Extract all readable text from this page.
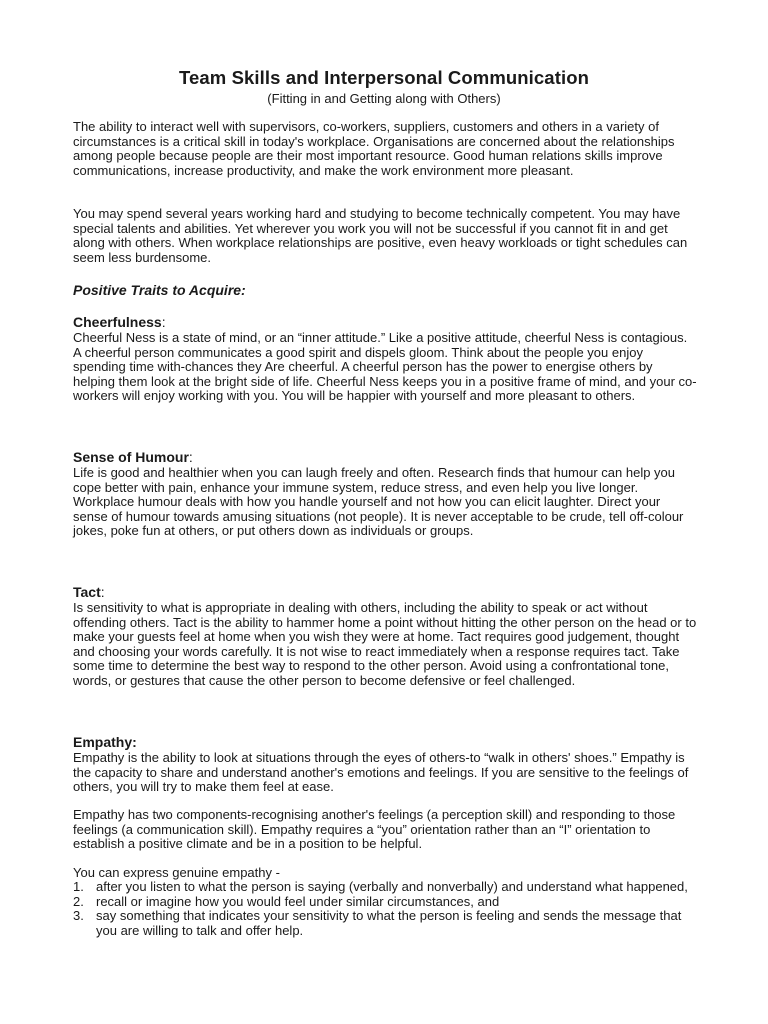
Team Skills and Interpersonal Communication

(Fitting in and Getting along with Others)

The ability to interact well with supervisors, co-workers, suppliers, customers and others in a variety of circumstances is a critical skill in today's workplace. Organisations are concerned about the relationships among people because people are their most important resource. Good human relations skills improve communications, increase productivity, and make the work environment more pleasant.

You may spend several years working hard and studying to become technically competent. You may have special talents and abilities. Yet wherever you work you will not be successful if you cannot fit in and get along with others. When workplace relationships are positive, even heavy workloads or tight schedules can seem less burdensome.

Positive Traits to Acquire:

Cheerfulness:

Cheerful Ness is a state of mind, or an “inner attitude.” Like a positive attitude, cheerful Ness is contagious. A cheerful person communicates a good spirit and dispels gloom. Think about the people you enjoy spending time with-chances they Are cheerful. A cheerful person has the power to energise others by helping them look at the bright side of life. Cheerful Ness keeps you in a positive frame of mind, and your co-workers will enjoy working with you. You will be happier with yourself and more pleasant to others.

Sense of Humour:

Life is good and healthier when you can laugh freely and often. Research finds that humour can help you cope better with pain, enhance your immune system, reduce stress, and even help you live longer. Workplace humour deals with how you handle yourself and not how you can elicit laughter. Direct your sense of humour towards amusing situations (not people). It is never acceptable to be crude, tell off-colour jokes, poke fun at others, or put others down as individuals or groups.

Tact:

Is sensitivity to what is appropriate in dealing with others, including the ability to speak or act without offending others. Tact is the ability to hammer home a point without hitting the other person on the head or to make your guests feel at home when you wish they were at home. Tact requires good judgement, thought and choosing your words carefully. It is not wise to react immediately when a response requires tact. Take some time to determine the best way to respond to the other person. Avoid using a confrontational tone, words, or gestures that cause the other person to become defensive or feel challenged.

Empathy:

Empathy is the ability to look at situations through the eyes of others-to “walk in others' shoes.” Empathy is the capacity to share and understand another's emotions and feelings. If you are sensitive to the feelings of others, you will try to make them feel at ease.

Empathy has two components-recognising another's feelings (a perception skill) and responding to those feelings (a communication skill). Empathy requires a “you” orientation rather than an “I” orientation to establish a positive climate and be in a position to be helpful.

You can express genuine empathy -

1. after you listen to what the person is saying (verbally and nonverbally) and understand what happened,
2. recall or imagine how you would feel under similar circumstances, and
3. say something that indicates your sensitivity to what the person is feeling and sends the message that you are willing to talk and offer help.
